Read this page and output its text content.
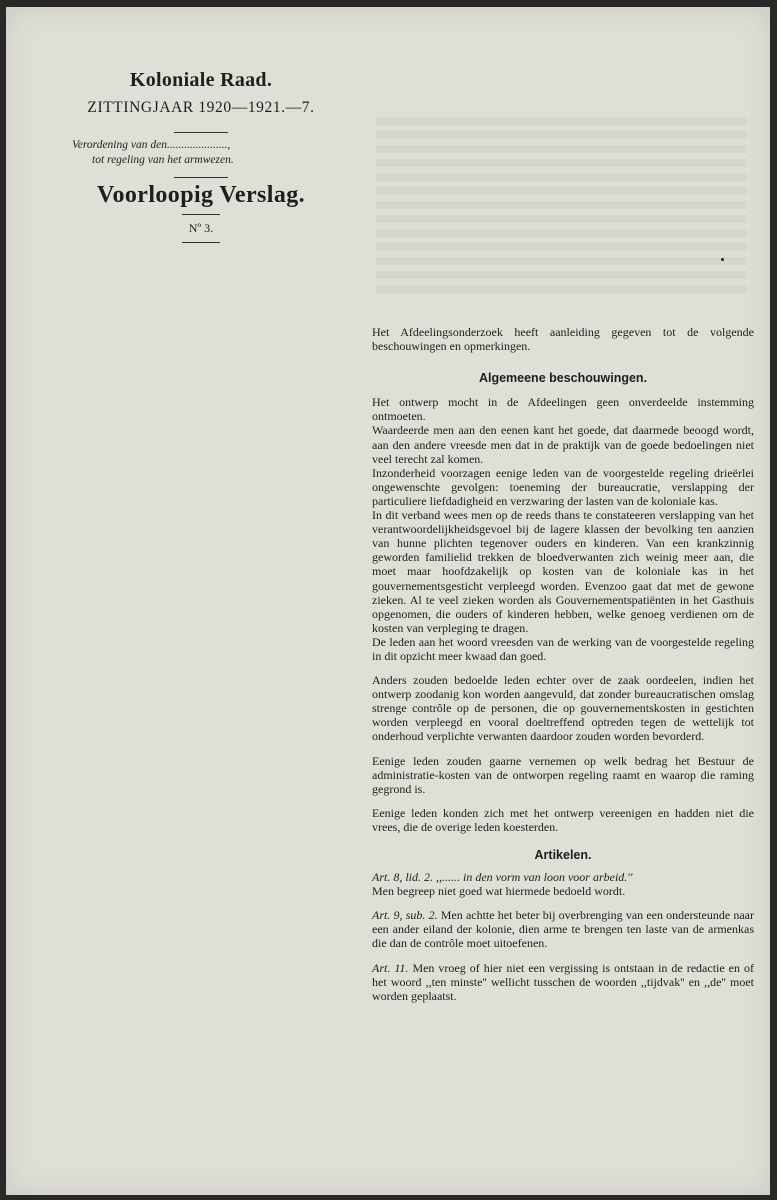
Koloniale Raad.
ZITTINGJAAR 1920—1921.—7.
Verordening van den.....................,
tot regeling van het armwezen.
Voorloopig Verslag.
Nº 3.

Het Afdeelingsonderzoek heeft aanleiding gegeven tot de volgende beschouwingen en opmerkingen.

Algemeene beschouwingen.

Het ontwerp mocht in de Afdeelingen geen onverdeelde instemming ontmoeten.

Waardeerde men aan den eenen kant het goede, dat daarmede beoogd wordt, aan den andere vreesde men dat in de praktijk van de goede bedoelingen niet veel terecht zal komen.

Inzonderheid voorzagen eenige leden van de voorgestelde regeling drieërlei ongewenschte gevolgen: toeneming der bureaucratie, verslapping der particuliere liefdadigheid en verzwaring der lasten van de koloniale kas.

In dit verband wees men op de reeds thans te constateeren verslapping van het verantwoordelijkheidsgevoel bij de lagere klassen der bevolking ten aanzien van hunne plichten tegenover ouders en kinderen. Van een krankzinnig geworden familielid trekken de bloedverwanten zich weinig meer aan, die moet maar hoofdzakelijk op kosten van de koloniale kas in het gouvernementsgesticht verpleegd worden. Evenzoo gaat dat met de gewone zieken. Al te veel zieken worden als Gouvernementspatiënten in het Gasthuis opgenomen, die ouders of kinderen hebben, welke genoeg verdienen om de kosten van verpleging te dragen.

De leden aan het woord vreesden van de werking van de voorgestelde regeling in dit opzicht meer kwaad dan goed.

Anders zouden bedoelde leden echter over de zaak oordeelen, indien het ontwerp zoodanig kon worden aangevuld, dat zonder bureaucratischen omslag strenge contrôle op de personen, die op gouvernementskosten in gestichten worden verpleegd en vooral doeltreffend optreden tegen de wettelijk tot onderhoud verplichte verwanten daardoor zouden worden bevorderd.

Eenige leden zouden gaarne vernemen op welk bedrag het Bestuur de administratie-kosten van de ontworpen regeling raamt en waarop die raming gegrond is.

Eenige leden konden zich met het ontwerp vereenigen en hadden niet die vrees, die de overige leden koesterden.

Artikelen.

Art. 8, lid. 2. ,,...... in den vorm van loon voor arbeid.''

Men begreep niet goed wat hiermede bedoeld wordt.

Art. 9, sub. 2. Men achtte het beter bij overbrenging van een ondersteunde naar een ander eiland der kolonie, dien arme te brengen ten laste van de armenkas die dan de contrôle moet uitoefenen.

Art. 11. Men vroeg of hier niet een vergissing is ontstaan in de redactie en of het woord ,,ten minste'' wellicht tusschen de woorden ,,tijdvak'' en ,,de'' moet worden geplaatst.
